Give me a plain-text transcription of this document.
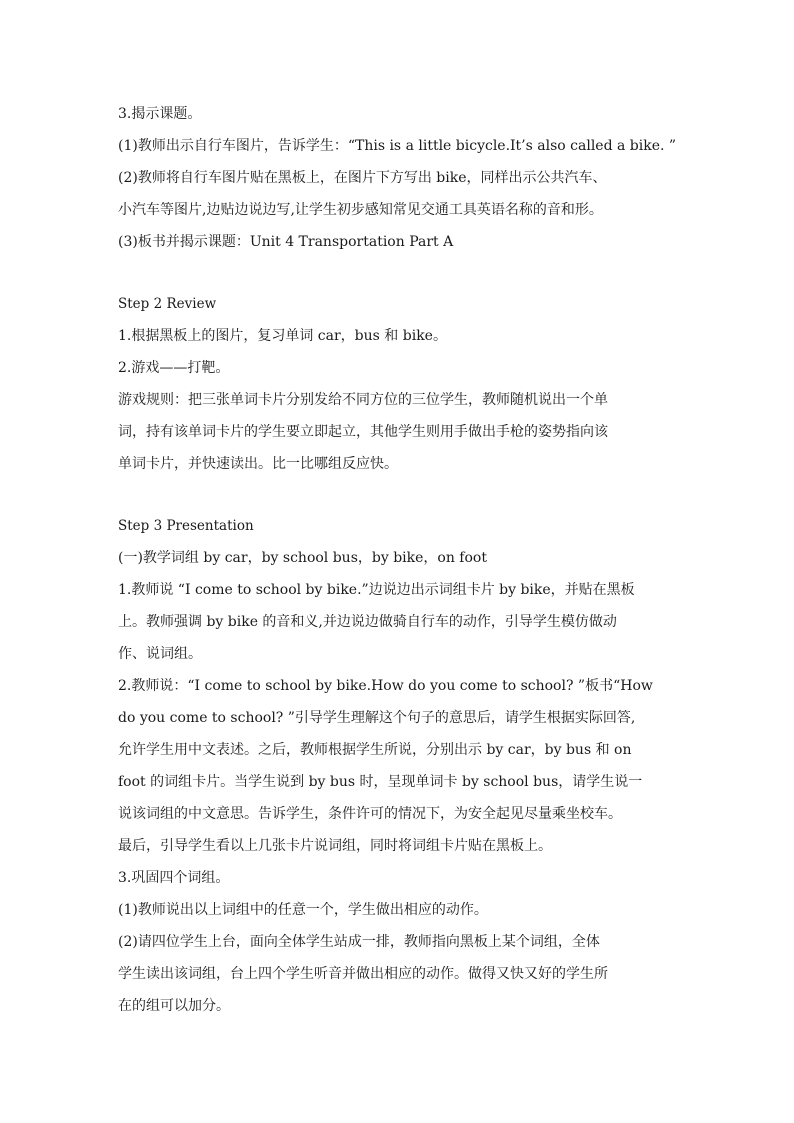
3.揭示课题。
(1)教师出示自行车图片，告诉学生：“This is a little bicycle.It’s also called a bike. ”
(2)教师将自行车图片贴在黑板上，在图片下方写出 bike，同样出示公共汽车、
小汽车等图片,边贴边说边写,让学生初步感知常见交通工具英语名称的音和形。
(3)板书并揭示课题：Unit 4 Transportation Part A
Step 2 Review
1.根据黑板上的图片，复习单词 car，bus 和 bike。
2.游戏——打靶。
游戏规则：把三张单词卡片分别发给不同方位的三位学生，教师随机说出一个单
词，持有该单词卡片的学生要立即起立，其他学生则用手做出手枪的姿势指向该
单词卡片，并快速读出。比一比哪组反应快。
Step 3 Presentation
(一)教学词组 by car，by school bus，by bike，on foot
1.教师说 “I come to school by bike.”边说边出示词组卡片 by bike，并贴在黑板
上。教师强调 by bike 的音和义,并边说边做骑自行车的动作，引导学生模仿做动
作、说词组。
2.教师说：“I come to school by bike.How do you come to school? ”板书“How
do you come to school? ”引导学生理解这个句子的意思后，请学生根据实际回答,
允许学生用中文表述。之后，教师根据学生所说，分别出示 by car，by bus 和 on
foot 的词组卡片。当学生说到 by bus 时，呈现单词卡 by school bus，请学生说一
说该词组的中文意思。告诉学生，条件许可的情况下，为安全起见尽量乘坐校车。
最后，引导学生看以上几张卡片说词组，同时将词组卡片贴在黑板上。
3.巩固四个词组。
(1)教师说出以上词组中的任意一个，学生做出相应的动作。
(2)请四位学生上台，面向全体学生站成一排，教师指向黑板上某个词组，全体
学生读出该词组，台上四个学生听音并做出相应的动作。做得又快又好的学生所
在的组可以加分。
